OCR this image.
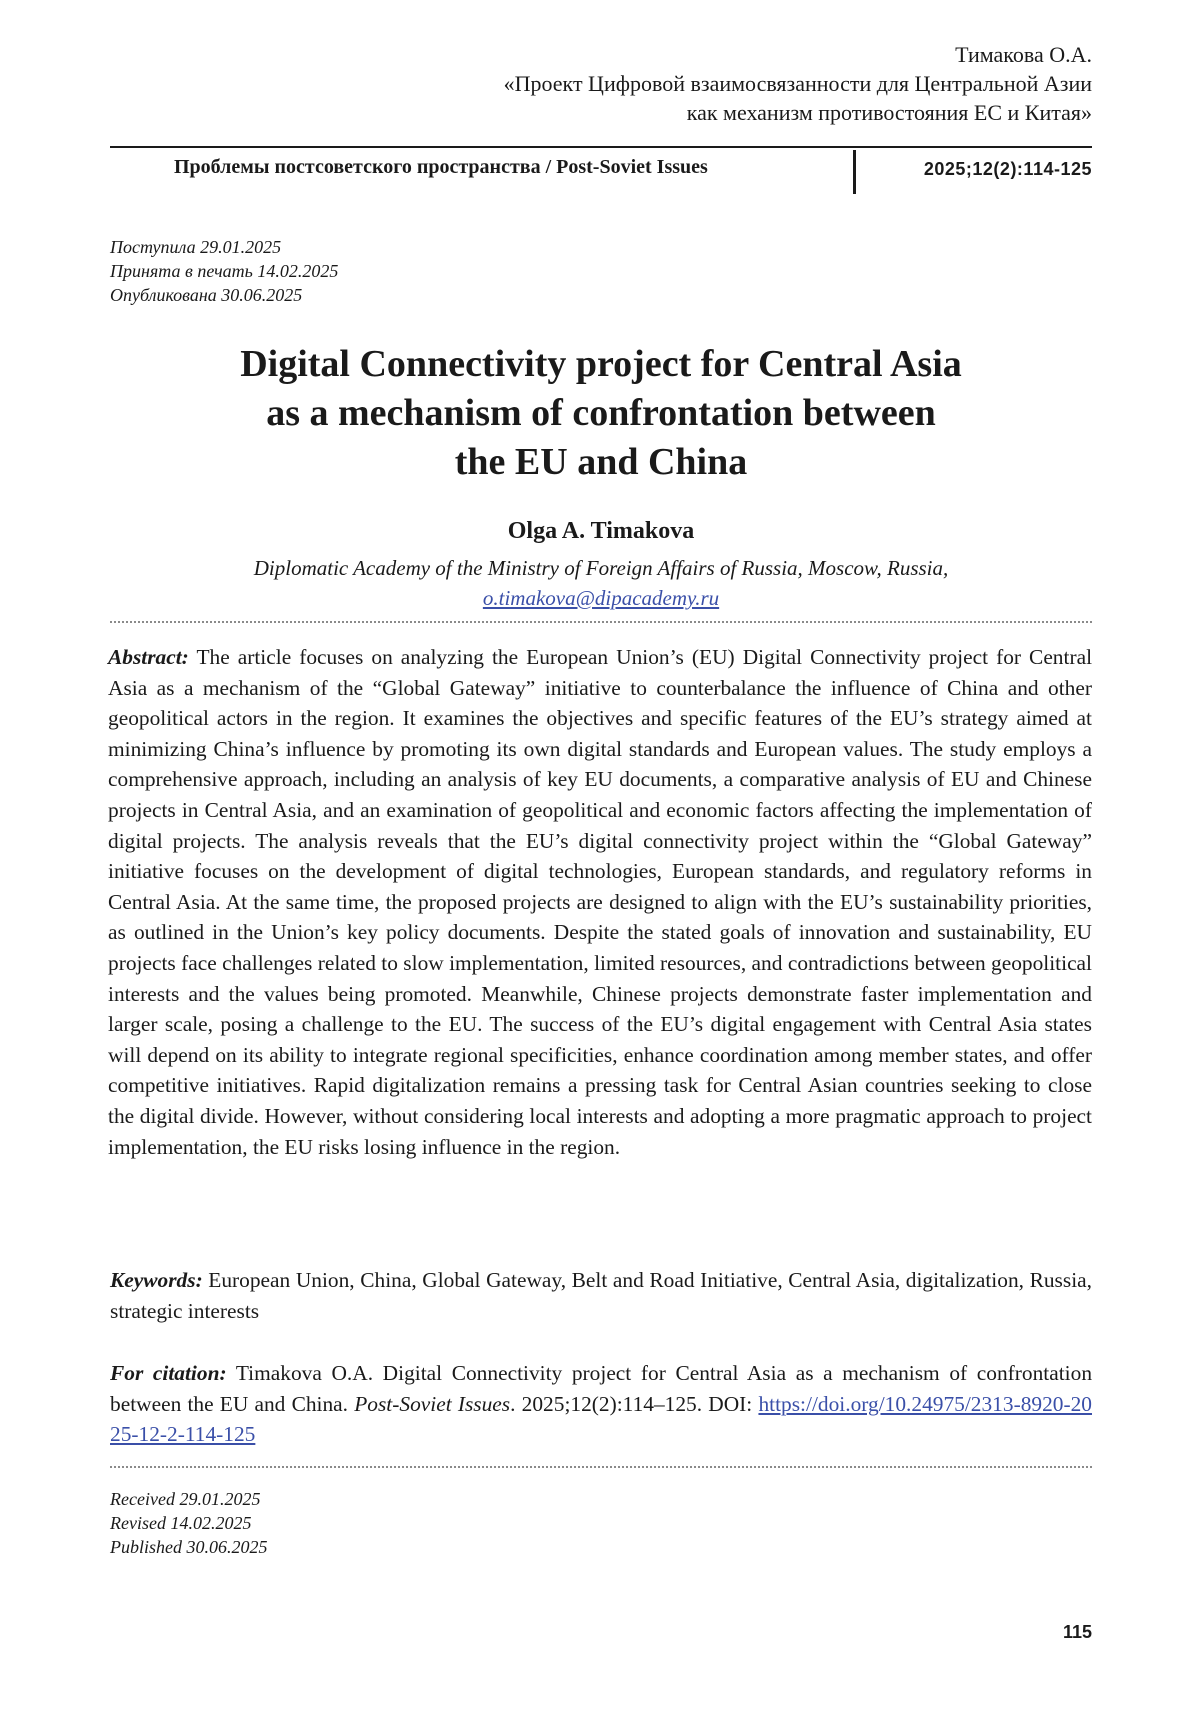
Тимакова О.А.
«Проект Цифровой взаимосвязанности для Центральной Азии
как механизм противостояния ЕС и Китая»
Проблемы постсоветского пространства / Post-Soviet Issues	2025;12(2):114-125
Поступила 29.01.2025
Принята в печать 14.02.2025
Опубликована 30.06.2025
Digital Connectivity project for Central Asia
as a mechanism of confrontation between
the EU and China
Olga A. Timakova
Diplomatic Academy of the Ministry of Foreign Affairs of Russia, Moscow, Russia,
o.timakova@dipacademy.ru
Abstract: The article focuses on analyzing the European Union’s (EU) Digital Connectivity project for Central Asia as a mechanism of the “Global Gateway” initiative to counterbalance the influence of China and other geopolitical actors in the region. It examines the objectives and specific features of the EU’s strategy aimed at minimizing China’s influence by promoting its own digital standards and European values. The study employs a comprehensive approach, including an analysis of key EU documents, a comparative analysis of EU and Chinese projects in Central Asia, and an examination of geopolitical and economic factors affecting the implementation of digital projects. The analysis reveals that the EU’s digital connectivity project within the “Global Gateway” initiative focuses on the development of digital technologies, European standards, and regulatory reforms in Central Asia. At the same time, the proposed projects are designed to align with the EU’s sustainability priorities, as outlined in the Union’s key policy documents. Despite the stated goals of innovation and sustainability, EU projects face challenges related to slow implementation, limited resources, and contradictions between geopolitical interests and the values being promoted. Meanwhile, Chinese projects demonstrate faster implementation and larger scale, posing a challenge to the EU. The success of the EU’s digital engagement with Central Asia states will depend on its ability to integrate regional specificities, enhance coordination among member states, and offer competitive initiatives. Rapid digitalization remains a pressing task for Central Asian countries seeking to close the digital divide. However, without considering local interests and adopting a more pragmatic approach to project implementation, the EU risks losing influence in the region.
Keywords: European Union, China, Global Gateway, Belt and Road Initiative, Central Asia, digitalization, Russia, strategic interests
For citation: Timakova O.A. Digital Connectivity project for Central Asia as a mechanism of confrontation between the EU and China. Post-Soviet Issues. 2025;12(2):114–125. DOI: https://doi.org/10.24975/2313-8920-2025-12-2-114-125
Received 29.01.2025
Revised 14.02.2025
Published 30.06.2025
115
